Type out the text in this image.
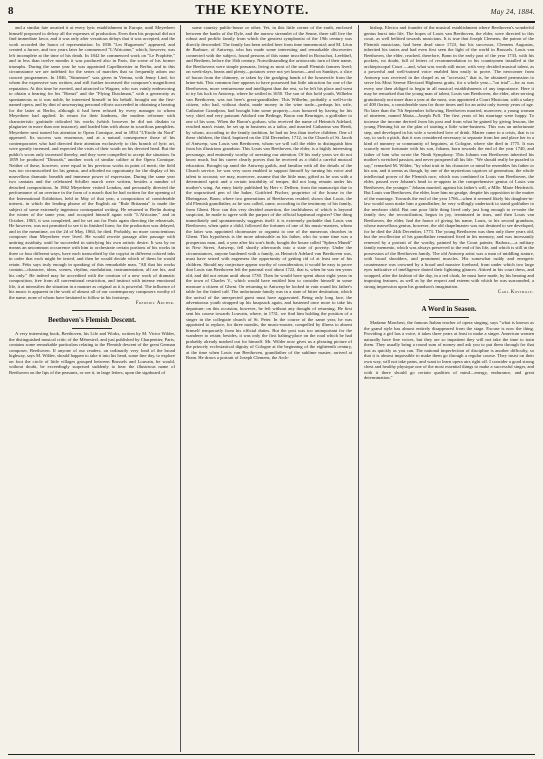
8	THE KEYNOTE.	May 24, 1884.

and a similar fate awaited it at every lyric establishment in Europe, until Meyerbeer himself proposed to defray all the expenses of production. Even then his proposal did not find immediate favor, and it was only after vexatious delays that it was accepted, and the work accorded the honor of representation. In 1836 "Les Huguenots" appeared, and created a furore, and two years later he commenced "L'Africaine," which, however, was left incomplete at the time of his death. In 1842 he commenced work on "Le Prophète," and in less than twelve months it was produced also in Paris, the scene of his former triumphs. During the same year he was appointed Capellmeister in Berlin, and in this circumstance we are indebted for the series of marches that so frequently adorn our concert programmes. In 1846, "Struensee" was given in Vienna, with Jenny Lind, for whom the expressive was written, and still further increased the composer's magnificent reputation. At this time he exerted, and attracted to Wagner, who was vainly endeavoring to obtain a hearing for his "Rienzi" and the "Flying Dutchman," with a generosity as spontaneous as it was noble, he interested himself in his behalf, brought out the first-named opera, and by dint of unwearying personal efforts succeeded in obtaining a hearing for the latter at Berlin, although it had been refused by every manager to whom Meyerbeer had applied. In return for their kindness, the modern reformer with characteristic gratitude ridiculed his works (which however he did not disdain to plagiarize in more than one instance), and loaded him with abuse in scurrilous pamphlets. Meyerbeer next turned his attention to Opera Comique, and in 1854 "L'Etoile du Nord" appeared. Its success was enormous, and at a natural consequence those of his contemporaries who had directed their attention exclusively to this branch of lyric art, were greatly incensed, and expected the visits of their wrath on his devoted head. But the public's scorn only increased thereby, and they were compelled to accept the situation. In 1859 he produced "Dinorah," another work of similar calibre at the Opera Comique. Neither of these, however, were equal to his previous works in point of merit; the field was too circumscribed for his genius, and afforded no opportunity for the display of his marvellous dramatic breadth and immense power of expression. During the same year two cantatas and the celebrated Schiller march were written, besides a number of detached compositions. In 1862 Meyerbeer visited London, and personally directed the performance of an overture in the form of a march that he had written for the opening of the International Exhibition, held in May of that year, a composition of considerable interest, in which the leading phrase of the English air "Rule Britannia" is made the subject of some extremely ingenious contrapuntal writing. He returned to Berlin during the winter of the same year, and occupied himself again with "L'Africaine," and in October, 1863, it was completed, and he set out for Paris again directing the rehearsals. He however, was not permitted to see it in finished form; for the production was delayed, and in the meantime, on the 2d of May, 1864, he died. Probably, no more conscientious composer than Meyerbeer ever lived. He would rewrite passage after passage with untiring assiduity, until he succeeded in satisfying his own artistic desire. It was by no means an uncommon occurrence with him to orchestrate certain portions of his works in three or four different ways, have each transcribed by the copyist in different colored inks in order that each might be tested, and then he would decide which of them he would retain. Fétis says truly enough in speaking of this remarkable man, "All that his works contain—character, ideas, scenes, rhythm, modulation, instrumentation, all are his, and his only." He indeed may be accredited with the creation of a new work of dramatic composition, free from all conventional restriction, and instinct with intense emotional life, it at intensifies the situation in a manner as original as it is powerful. The influence of his music is apparent in the work of almost all of our contemporary composers worthy of the name, none of whom have hesitated to follow in his footsteps.

Frederic Archer.

Beethoven's Flemish Descent.

A very interesting book, Beethoven, his Life and Works, written by M. Victor Wilder, the distinguished musical critic of the Ménestrel, and just published by Charpentier, Paris, contains some remarkable particulars relating to the Flemish descent of the great German composer, Beethoven. If anyone of our readers, on ordinarily very fond of the broad highway, says M. Wilder, should happen to take it into his head, some fine day, to explore on foot the circle of little villages grouped between Brussels and Louvain, he would, without doubt, be exceedingly surprised suddenly to hear the illustrious name of Beethoven on the lips of the peasants, or see it, in large letters, upon the signboard of

some country public-house or other. Yet, in this little corner of the earth, enclosed between the banks of the Dyle, and the narrow streamlet of the Senne, there still live the robust and prolific family from which the greatest symphonist of the 19th century was directly descended. The family has been settled here from time immemorial; and M. Léon de Burbure, of Antwerp, who has made some interesting and remarkable discoveries connected with the subject, found persons of this name inscribed in Boisschot, Leefdael, and Berthem, before the 16th century. Notwithstanding the aristocratic turn of their name, the Beethovens were simple peasants, living as most of the small Flemish farmers lived; on week-days, beans and plenty—potatoes were not yet known—and on Sundays, a slice of bacon from the chimney, or taken by the gradging hands of the housewife from the brine-tub. This common fare appears to have possessed but little attraction for one of the Beethovens, more venturesome and intelligent than the rest, so he left his place and went to try his luck in Antwerp, where he settled in 1650. The son of this bold youth, Wilhelm van Beethoven, was not here's great-grandfather. This Wilhelm, probably a well-to-do citizen, who had, without doubt, made money in the wine trade—perhaps his wife, Catharine Grandjean, had brought him some property—was honored by having for his very chief and very puissant Adolard van Bedinge, Baron van Reuringer, a godfather to one of his sons. When the Baron's godson, who received the name of Heinrich Adelard, reached man's estate, he set up in business as a tailor, and married Catharina van Herdt, by whom, according to the family tradition, he had no less than twelve children. One of these children, the third, baptized on the 23d December, 1712, in the Church of St. Jacob of Antwerp, was Louis van Beethoven, whom we will call the elder to distinguish him from his illustrious grandson. This Louis van Beethoven, the elder, is a highly interesting personage, and eminently worthy of arresting our attention. Of his early years we do not know much, but his career clearly proves that he received as a child a careful musical education. Brought up amid the Antwerp guilds, and familiar with all the details of the Church service, he was very soon enabled to support himself by turning his voice and talent to account; we may, moreover, assume that the little man, gifted as he was with a determined spirit and a certain instability of temper, did not long remain under his mother's wing. An entry lately published by Herr v. Dellern, from the manuscript due to the unpractised pen of the baker, Gottfried Fischer, proprietor of the house in the Rheingasse, Bonn, where two generations of Beethovens resided, shows that Louis, the old Flemish grandfather, as he was called, came, according to the testimony of his family, from Ghent. How can this very decided assertion, the truthfulness of which is beyond suspicion, be made to agree with the purport of the official baptismal register? One thing immediately and spontaneously suggests itself: it is extremely probable that Louis van Beethoven, when quite a child, followed the fortunes of one of his music-masters, whom the latter was appointed choirmaster or organist to one of the numerous churches in Ghent. This hypothesis is the more admissible as his father, who for some time was a prosperous man, and, a year after his son's birth, bought the house called "Sphera Mundi" in New Street, Antwerp, fell shortly afterwards into a state of poverty. Under the circumstances, anyone burdened with a family, as Heinrich Adelard van Beethoven was, must have seized with eagerness the opportunity of getting rid of at least one of his children. Should my conjecture appear worthy of consideration, it would be easy to prove that Louis van Beethoven left the paternal roof about 1722, that is, when he was ten years old, and did not return until about 1730. Then he would have spent about eight years in the town of Charles V., which would have entitled him to consider himself in some measure a citizen of Ghent. On returning to Antwerp he looked in vain round his father's table for the fatted calf. The unfortunate family was in a state of bitter destitution, which the arrival of the unexpected guest must have aggravated. Being only long face, the adventurous youth strapped up his knapsack again, and hastened once more to take his departure; on this occasion, however, he left without any thought of returning. He first sent his course towards Louvain, where, in 1731, we find him holding the position of a singer in the collegiate church of St. Peter. In the course of the same year, he was appointed to replace, for three months, the music-master, compelled by illness to absent himself temporarily from his official duties. But the post was too unimportant for the wanderer to retain; besides, it was only the first halting-place on the road which he had probably already marked out for himself. Mr. Wilder now gives us a pleasing picture of the princely ecclesiastical dignity of Cologne at the beginning of the eighteenth century, at the time when Louis van Beethoven, grandfather of the sublime master, arrived at Bonn. He draws a portrait of Joseph Clemens, the Arch-

bishop, Elector and founder of the musical establishment where Beethoven's wonderful genius burst into life. The hopes of Louis van Beethoven, the elder, were directed to this court, as well befitted towards musicians. It is true that Joseph Clemens, the patron of the Flemish musicians, had been dead since 1723, but his successor, Clemens Augustus, inherited his tastes and had even first seen the light of the world in Brussels. Louis van Beethoven, the elder, reached, therefore, Bonn in the early part of the year 1733, with his pockets, no doubt, full of letters of recommendation to his countrymen installed at the archiepiscopal Court —and, what was worth still more, with very decided musical talent, as a powerful and well-trained voice enabled him easily to prove. The newcomer from Antwerp was received in the chapel as an "accessist," that is, he obtained permission to serve his Most Serene Electoral Highness gratis, for a whole year—"on trial"—for as was every one then obliged to begin in all musical establishments of any importance. Here it may be remarked that the young man of talent, Louis van Beethoven, the elder, after serving gratuitously not more than a year at the most, was appointed a Court Musician, with a salary of 400 florins, a considerable sum for those times and for an artist only twenty years of age. No later than the 7th September following, Beethoven married, moreover, a young woman of nineteen, named Maria—Joseph Poll. The first years of his marriage were happy. To increase the income derived from his post and from what he gained by giving lessons, the young Fleming hit on the plan of starting a little wine-business. This was an unfortunate step, and developed in his wife a wretched love of drink. Matter came to a crisis, that is to say, to such a pitch, that it was considered necessary to separate from her and place her in a kind of nunnery or community of beguines, at Cologne, where she died in 1775. It was scarcely more fortunate with his son, Johann, born towards the end of the year 1740, and father of him who wrote the Ninth Symphony. This Johann van Beethoven inherited his mother's wretched passion, and never prospered all his life. "We should really be puzzled to say," remarked M. Wilder, "by what trait in his character or mind he resembles his father or his son, and it seems as though, by one of the mysterious caprices of generation, the whole intellectual power of the Flemish race, which was combined in Louis van Beethoven, the elder, passed over Johann's head to re-appear in the comprehensive genius of Louis van Beethoven, the younger." Johann married, against his father's will, a Mlle. Marie Heiderich. But Louis van Beethoven, the elder, bore him no grudge, despite his opposition to the matter of the marriage. Towards the end of the year 1766—when it seemed likely his daughter-in-law would soon make him a grandfather, he very willingly undertook to stand godfather to the newborn child. But one poor little thing lived only just long enough to re-unite the family ties; the reconciliation, begun in joy, terminated in tears, and then Louis van Beethoven, the elder, had the honor of giving his name, Louis, to his second grandson, whose marvellous genius, however, the old chapelmaster was not destined to see developed, for he died the 24th December, 1773. The young Beethoven was then only three years old, but the recollection of his grandfather remained fixed in his memory, and was incessantly renewed by a portrait of the worthy, painted by the Court painter, Radoux,—a military family memento, which was always preserved to the end of his life, and which is still in the possession of the Beethoven family. The old Antwerp artist was a man of middling stature, with broad shoulders, and prominent muscles. His somewhat ruddy and energetic countenance was crowned by a broad and massive forehead, from under which two large eyes indicative of intelligence darted their lightning glances. Attired in his court dress, and wrapped, after the fashion of the day, in a red cloak, he must have made, by his bearing and imposing features, as well as by the respect and esteem with which he was surrounded, a strong impression upon his grandson's imagination.

Carl Kossmaly.

A Word in Season.

Madame Marchesi, the famous Italian teacher of opera singing, says "what is known as the grand style has almost entirely disappeared from the stage. Excuse is now the thing. Providing a girl has a voice, it takes three years at least to make a singer. American women naturally have fine voices, but they are so impatient they will not take the time to train them. They usually bring a round sum of money and ask you to put them through for that just as quickly as you can. The national imperfection of discipline is another difficulty, so that it is almost impossible to make them go through a regular course. They insist on their own way, will not take pains, and want to learn opera airs right off. I consider a good strong chest and healthy physique one of the most essential things to make a successful singer, and with it there should go certain qualities of mind—energy, endurance, and great determination."
